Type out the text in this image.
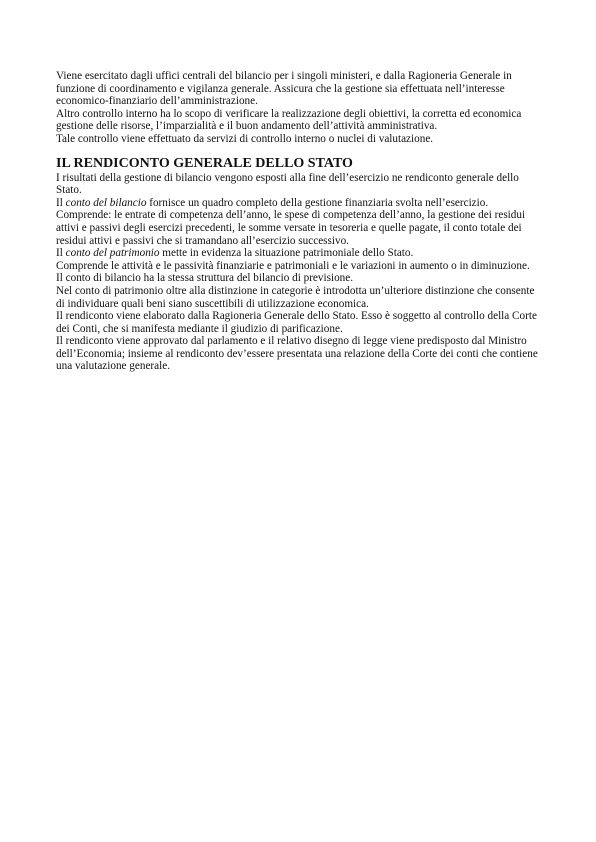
Viene esercitato dagli uffici centrali del bilancio per i singoli ministeri, e dalla Ragioneria Generale in funzione di coordinamento e vigilanza generale. Assicura che la gestione sia effettuata nell’interesse economico-finanziario dell’amministrazione.

Altro controllo interno ha lo scopo di verificare la realizzazione degli obiettivi, la corretta ed economica gestione delle risorse, l’imparzialità e il buon andamento dell’attività amministrativa.

Tale controllo viene effettuato da servizi di controllo interno o nuclei di valutazione.

IL RENDICONTO GENERALE DELLO STATO

I risultati della gestione di bilancio vengono esposti alla fine dell’esercizio ne rendiconto generale dello Stato.

Il conto del bilancio fornisce un quadro completo della gestione finanziaria svolta nell’esercizio.

Comprende: le entrate di competenza dell’anno, le spese di competenza dell’anno, la gestione dei residui attivi e passivi degli esercizi precedenti, le somme versate in tesoreria e quelle pagate, il conto totale dei residui attivi e passivi che si tramandano all’esercizio successivo.

Il conto del patrimonio mette in evidenza la situazione patrimoniale dello Stato.

Comprende le attività e le passività finanziarie e patrimoniali e le variazioni in aumento o in diminuzione.

Il conto di bilancio ha la stessa struttura del bilancio di previsione.

Nel conto di patrimonio oltre alla distinzione in categorie è introdotta un’ulteriore distinzione che consente di individuare quali beni siano suscettibili di utilizzazione economica.

Il rendiconto viene elaborato dalla Ragioneria Generale dello Stato. Esso è soggetto al controllo della Corte dei Conti, che si manifesta mediante il giudizio di parificazione.

Il rendiconto viene approvato dal parlamento e il relativo disegno di legge viene predisposto dal Ministro dell’Economia; insieme al rendiconto dev’essere presentata una relazione della Corte dei conti che contiene una valutazione generale.
